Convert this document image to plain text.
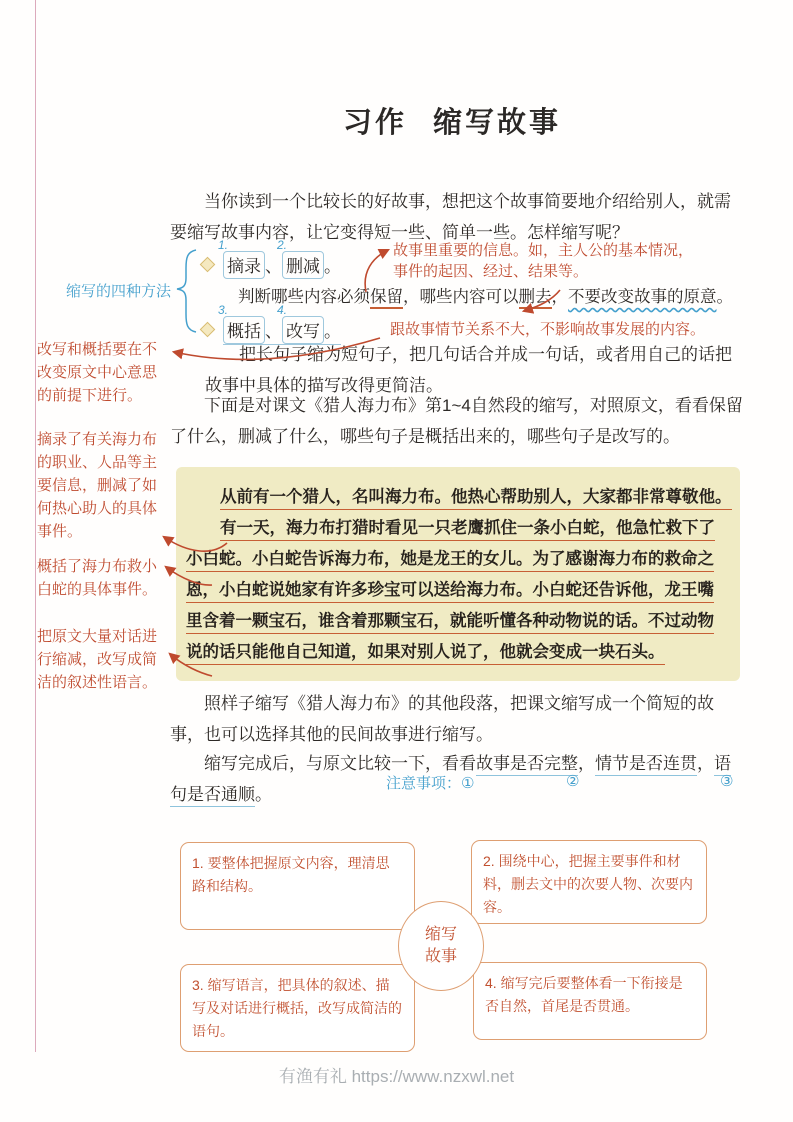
习作 缩写故事
当你读到一个比较长的好故事，想把这个故事简要地介绍给别人，就需要缩写故事内容，让它变得短一些、简单一些。怎样缩写呢？
缩写的四种方法
1.
摘录 、
2.
删减 。
故事里重要的信息。如，主人公的基本情况，
事件的起因、经过、结果等。
判断哪些内容必须保留，哪些内容可以删去，不要改变故事的原意。
3.
概括 、
4.
改写 。	跟故事情节关系不大，不影响故事发展的内容。
把长句子缩为短句子，把几句话合并成一句话，或者用自己的话把故事中具体的描写改得更简洁。
改写和概括要在不改变原文中心意思的前提下进行。
下面是对课文《猎人海力布》第1~4自然段的缩写，对照原文，看看保留了什么，删减了什么，哪些句子是概括出来的，哪些句子是改写的。
摘录了有关海力布的职业、人品等主要信息，删减了如何热心助人的具体事件。
从前有一个猎人，名叫海力布。他热心帮助别人，大家都非常尊敬他。
有一天，海力布打猎时看见一只老鹰抓住一条小白蛇，他急忙救下了
小白蛇。小白蛇告诉海力布，她是龙王的女儿。为了感谢海力布的救命之
恩，小白蛇说她家有许多珍宝可以送给海力布。小白蛇还告诉他，龙王嘴
里含着一颗宝石，谁含着那颗宝石，就能听懂各种动物说的话。不过动物
说的话只能他自己知道，如果对别人说了，他就会变成一块石头。
概括了海力布救小白蛇的具体事件。
把原文大量对话进行缩减，改写成简洁的叙述性语言。
照样子缩写《猎人海力布》的其他段落，把课文缩写成一个简短的故事，也可以选择其他的民间故事进行缩写。
缩写完成后，与原文比较一下，看看故事是否完整，情节是否连贯，语句是否通顺。
注意事项：①	②	③
1. 要整体把握原文内容，理清思路和结构。
2. 围绕中心，把握主要事件和材料，删去文中的次要人物、次要内容。
3. 缩写语言，把具体的叙述、描写及对话进行概括，改写成简洁的语句。
4. 缩写完后要整体看一下衔接是否自然，首尾是否贯通。
缩写
故事
有渔有礼 https://www.nzxwl.net
